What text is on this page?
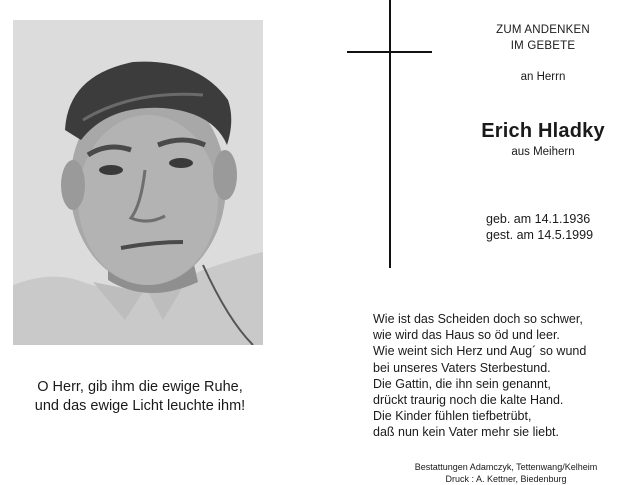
O Herr, gib ihm die ewige Ruhe,
und das ewige Licht leuchte ihm!
ZUM ANDENKEN
IM GEBETE
an Herrn
Erich Hladky
aus Meihern
geb. am 14.1.1936
gest. am 14.5.1999
Wie ist das Scheiden doch so schwer,
wie wird das Haus so öd und leer.
Wie weint sich Herz und Aug´ so wund
bei unseres Vaters Sterbestund.
Die Gattin, die ihn sein genannt,
drückt traurig noch die kalte Hand.
Die Kinder fühlen tiefbetrübt,
daß nun kein Vater mehr sie liebt.
Bestattungen Adamczyk, Tettenwang/Kelheim
Druck : A. Kettner, Biedenburg
